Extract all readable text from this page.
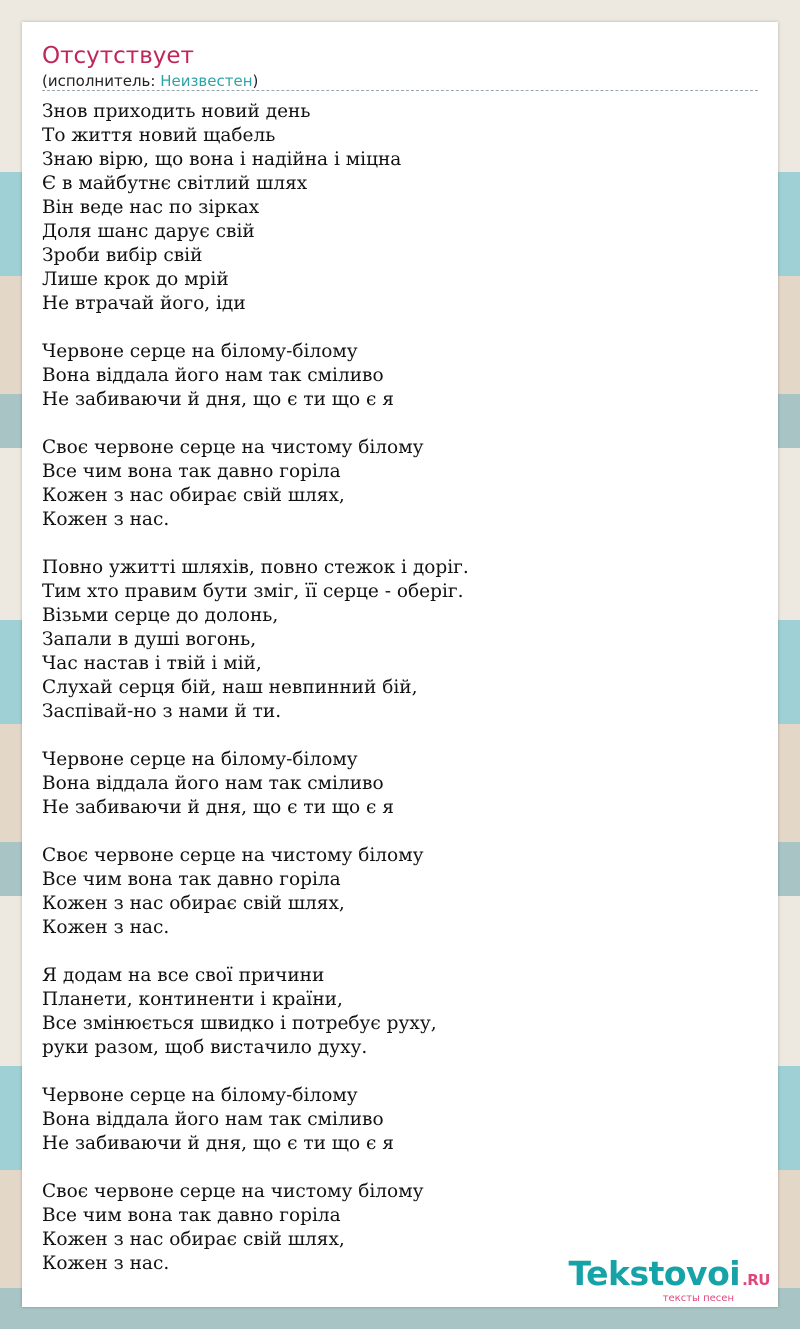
Отсутствует
(исполнитель: Неизвестен)
Знов приходить новий день
То життя новий щабель
Знаю вірю, що вона і надійна і міцна
Є в майбутнє світлий шлях
Він веде нас по зірках
Доля шанс дарує свій
Зроби вибір свій
Лише крок до мрій
Не втрачай його, іди
Червоне серце на білому-білому
Вона віддала його нам так сміливо
Не забиваючи й дня, що є ти що є я
Своє червоне серце на чистому білому
Все чим вона так давно горіла
Кожен з нас обирає свій шлях,
Кожен з нас.
Повно ужитті шляхів, повно стежок і доріг.
Тим хто правим бути зміг, її серце - оберіг.
Візьми серце до долонь,
Запали в душі вогонь,
Час настав і твій і мій,
Слухай серця бій, наш невпинний бій,
Заспівай-но з нами й ти.
Червоне серце на білому-білому
Вона віддала його нам так сміливо
Не забиваючи й дня, що є ти що є я
Своє червоне серце на чистому білому
Все чим вона так давно горіла
Кожен з нас обирає свій шлях,
Кожен з нас.
Я додам на все свої причини
Планети, континенти і країни,
Все змінюється швидко і потребує руху,
руки разом, щоб вистачило духу.
Червоне серце на білому-білому
Вона віддала його нам так сміливо
Не забиваючи й дня, що є ти що є я
Своє червоне серце на чистому білому
Все чим вона так давно горіла
Кожен з нас обирає свій шлях,
Кожен з нас.	Tekstovoi .RU
тексты песен
